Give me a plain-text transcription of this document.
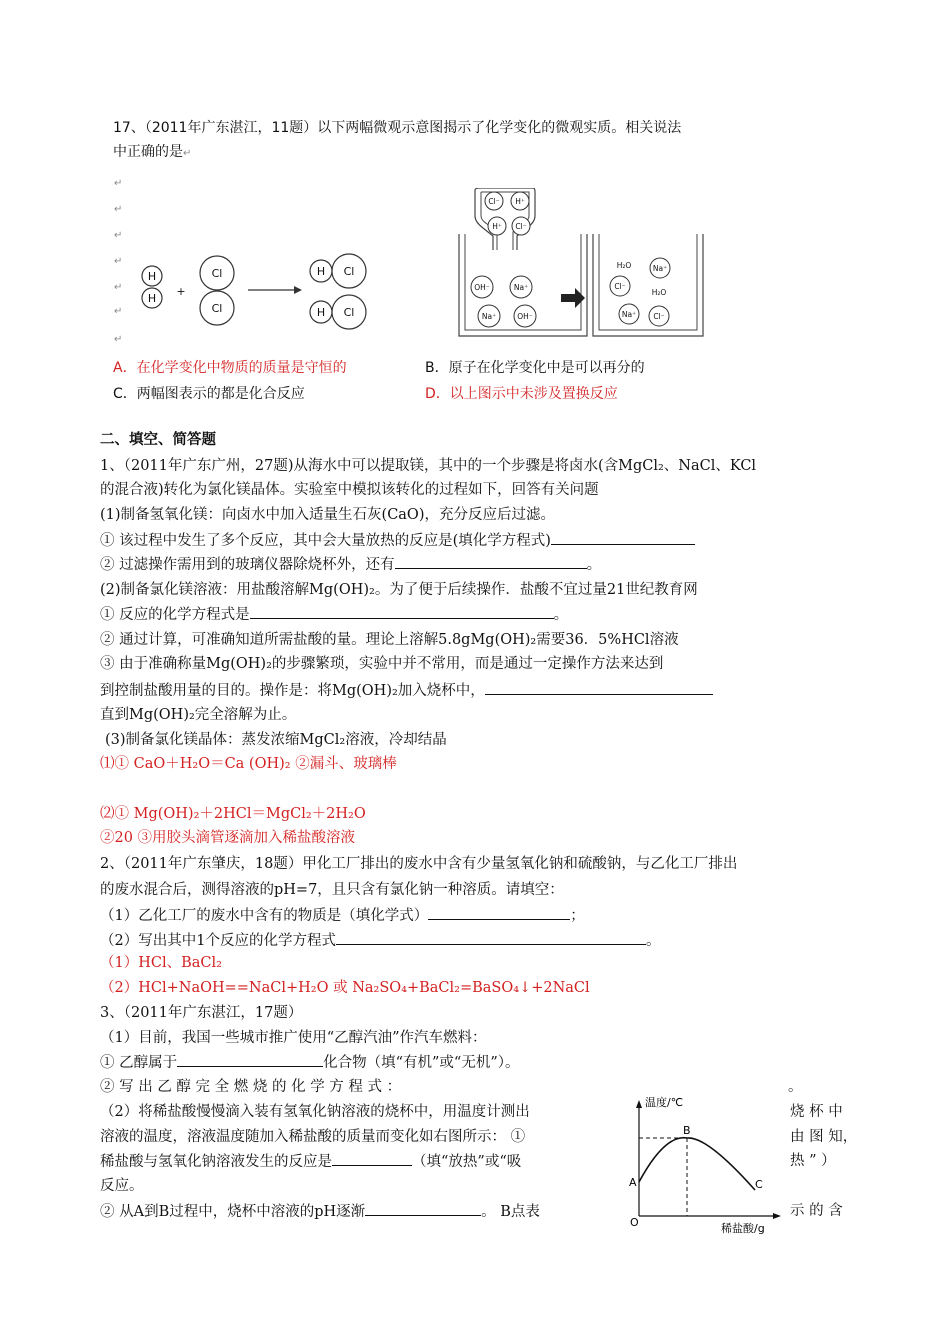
17、（2011年广东湛江，11题）以下两幅微观示意图揭示了化学变化的微观实质。相关说法
中正确的是↵
↵
↵
↵
↵
↵
↵
↵
H
H
Cl
Cl
+
H Cl
H Cl
Cl⁻ H⁺
H⁺ Cl⁻
OH⁻	Na⁺
Na⁺	OH⁻
H₂O	Na⁺
H₂O
Cl⁻
Na⁺ Cl⁻
A．在化学变化中物质的质量是守恒的	B．原子在化学变化中是可以再分的
C．两幅图表示的都是化合反应	D．以上图示中未涉及置换反应
二、填空、简答题
1、（2011年广东广州，27题)从海水中可以提取镁，其中的一个步骤是将卤水(含MgCl₂、NaCl、KCl
的混合液)转化为氯化镁晶体。实验室中模拟该转化的过程如下，回答有关问题
(1)制备氢氧化镁：向卤水中加入适量生石灰(CaO)，充分反应后过滤。
① 该过程中发生了多个反应，其中会大量放热的反应是(填化学方程式)
② 过滤操作需用到的玻璃仪器除烧杯外，还有	。
(2)制备氯化镁溶液：用盐酸溶解Mg(OH)₂。为了便于后续操作．盐酸不宜过量21世纪教育网
① 反应的化学方程式是	。
② 通过计算，可准确知道所需盐酸的量。理论上溶解5.8gMg(OH)₂需要36．5%HCl溶液
③ 由于准确称量Mg(OH)₂的步骤繁琐，实验中并不常用，而是通过一定操作方法来达到
到控制盐酸用量的目的。操作是：将Mg(OH)₂加入烧杯中，
直到Mg(OH)₂完全溶解为止。
(3)制备氯化镁晶体：蒸发浓缩MgCl₂溶液，冷却结晶
⑴① CaO＋H₂O＝Ca (OH)₂ ②漏斗、玻璃棒
⑵① Mg(OH)₂＋2HCl＝MgCl₂＋2H₂O
②20 ③用胶头滴管逐滴加入稀盐酸溶液
2、（2011年广东肇庆，18题）甲化工厂排出的废水中含有少量氢氧化钠和硫酸钠，与乙化工厂排出
的废水混合后，测得溶液的pH=7，且只含有氯化钠一种溶质。请填空：
（1）乙化工厂的废水中含有的物质是（填化学式）	；
（2）写出其中1个反应的化学方程式	。
（1）HCl、BaCl₂
（2）HCl+NaOH==NaCl+H₂O 或 Na₂SO₄+BaCl₂=BaSO₄↓+2NaCl
3、（2011年广东湛江，17题）
（1）目前，我国一些城市推广使用“乙醇汽油”作汽车燃料：
① 乙醇属于	化合物（填“有机”或“无机”）。
② 写 出 乙 醇 完 全 燃 烧 的 化 学 方 程 式 ：	。
（2）将稀盐酸慢慢滴入装有氢氧化钠溶液的烧杯中，用温度计测出	烧 杯 中
溶液的温度，溶液温度随加入稀盐酸的质量而变化如右图所示： ①	由 图 知，
稀盐酸与氢氧化钠溶液发生的反应是	（填“放热”或“吸	热 ” ）
反应。
② 从A到B过程中，烧杯中溶液的pH逐渐	。 B点表	示 的 含
温度/℃
稀盐酸/g
O
A
B
C
